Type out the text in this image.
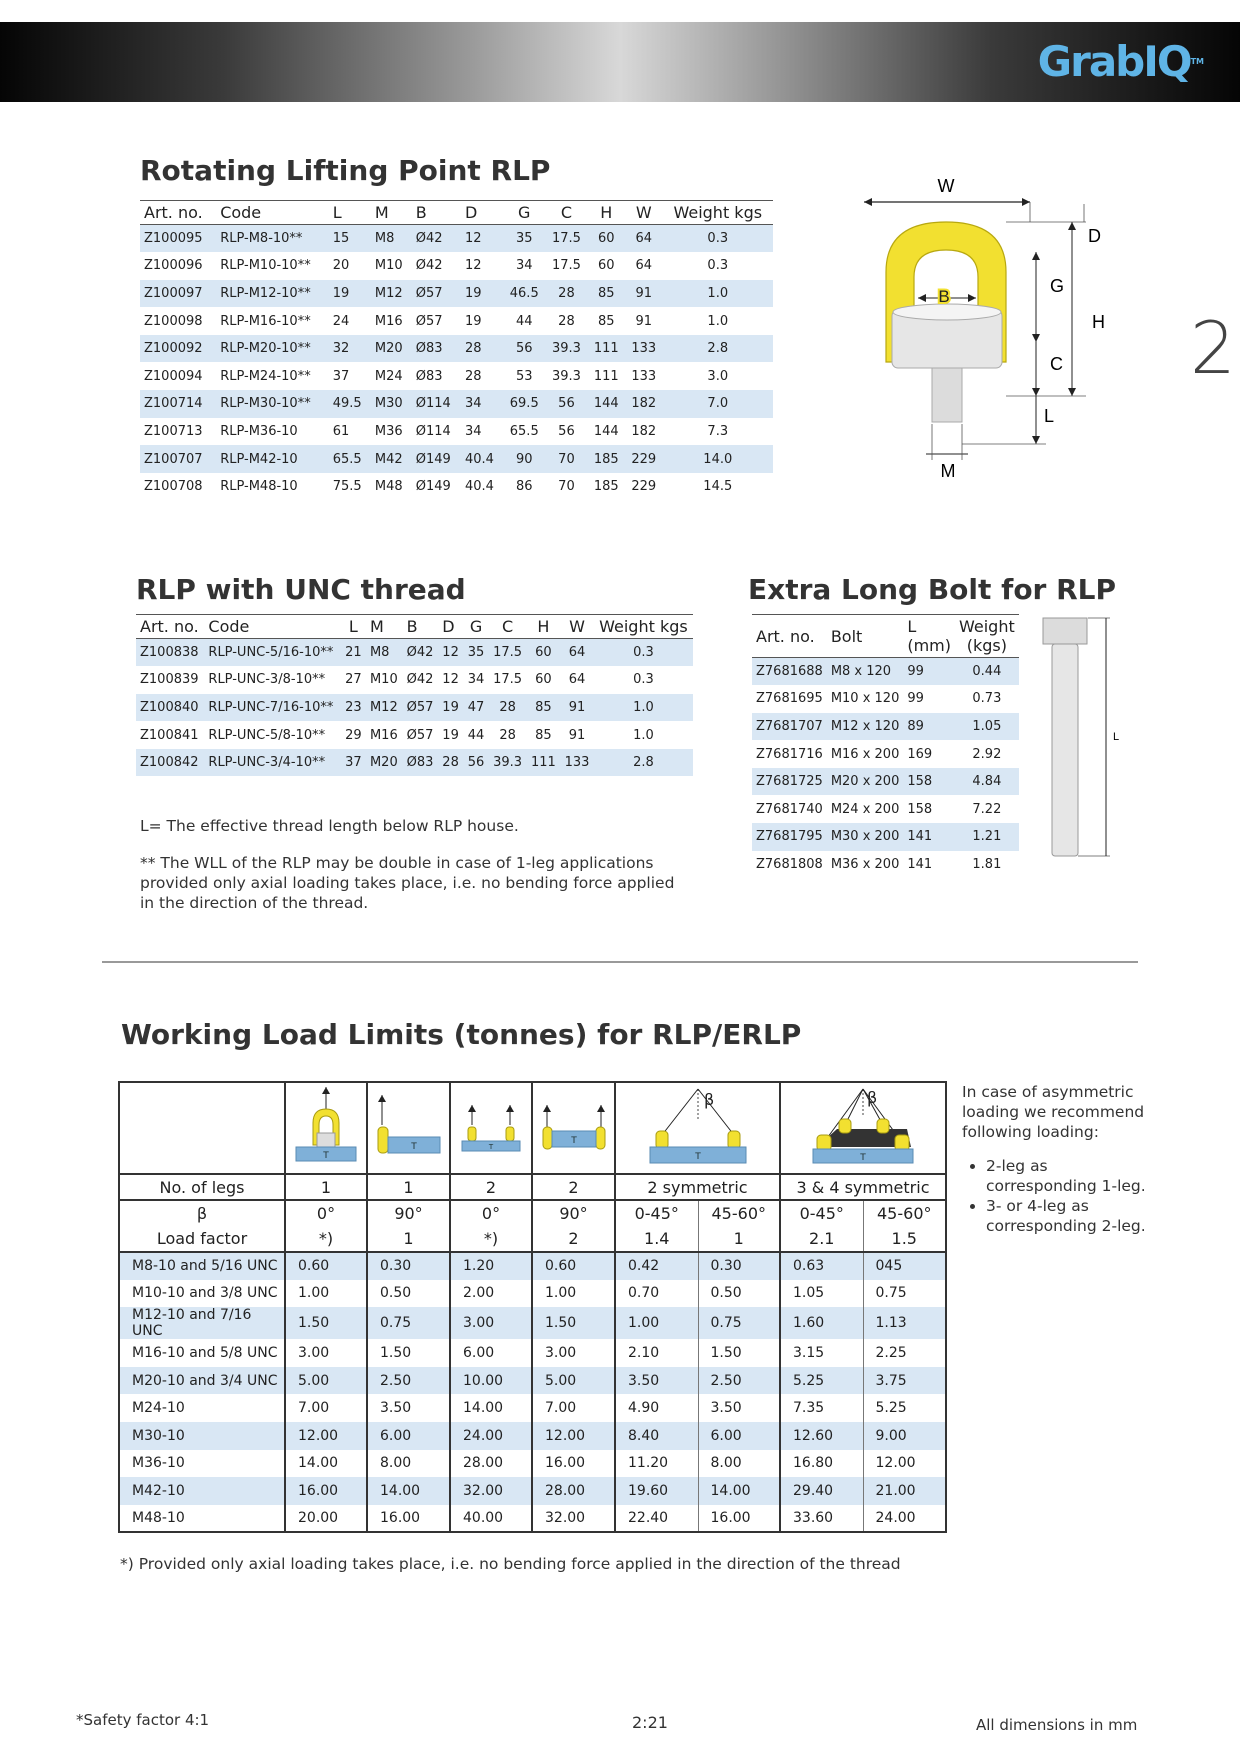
GrabIQTM
2
Rotating Lifting Point RLP
Art. no.	Code	L	M	B	D	G	C	H	W	Weight kgs
Z100095	RLP-M8-10**	15	M8	Ø42	12	35	17.5	60	64	0.3
Z100096	RLP-M10-10**	20	M10	Ø42	12	34	17.5	60	64	0.3
Z100097	RLP-M12-10**	19	M12	Ø57	19	46.5	28	85	91	1.0
Z100098	RLP-M16-10**	24	M16	Ø57	19	44	28	85	91	1.0
Z100092	RLP-M20-10**	32	M20	Ø83	28	56	39.3	111	133	2.8
Z100094	RLP-M24-10**	37	M24	Ø83	28	53	39.3	111	133	3.0
Z100714	RLP-M30-10**	49.5	M30	Ø114	34	69.5	56	144	182	7.0
Z100713	RLP-M36-10	61	M36	Ø114	34	65.5	56	144	182	7.3
Z100707	RLP-M42-10	65.5	M42	Ø149	40.4	90	70	185	229	14.0
Z100708	RLP-M48-10	75.5	M48	Ø149	40.4	86	70	185	229	14.5
W
B
H
D
G
C
L
M
RLP with UNC thread
Art. no.	Code	L	M	B	D	G	C	H	W	Weight kgs
Z100838	RLP-UNC-5/16-10**	21	M8	Ø42	12	35	17.5	60	64	0.3
Z100839	RLP-UNC-3/8-10**	27	M10	Ø42	12	34	17.5	60	64	0.3
Z100840	RLP-UNC-7/16-10**	23	M12	Ø57	19	47	28	85	91	1.0
Z100841	RLP-UNC-5/8-10**	29	M16	Ø57	19	44	28	85	91	1.0
Z100842	RLP-UNC-3/4-10**	37	M20	Ø83	28	56	39.3	111	133	2.8
L= The effective thread length below RLP house.
** The WLL of the RLP may be double in case of 1-leg applications provided only axial loading takes place, i.e. no bending force applied in the direction of the thread.
Extra Long Bolt for RLP
Art. no.	Bolt	L (mm)	Weight (kgs)
Z7681688	M8 x 120	99	0.44
Z7681695	M10 x 120	99	0.73
Z7681707	M12 x 120	89	1.05
Z7681716	M16 x 200	169	2.92
Z7681725	M20 x 200	158	4.84
Z7681740	M24 x 200	158	7.22
Z7681795	M30 x 200	141	1.21
Z7681808	M36 x 200	141	1.81
L
Working Load Limits (tonnes) for RLP/ERLP

T	T	T	T	β
T		β
T	

No. of legs	1	1	2	2	2 symmetric		3 & 4 symmetric	
β	0°	90°	0°	90°	0-45°	45-60°	0-45°	45-60°
Load factor	*)	1	*)	2	1.4	1	2.1	1.5
M8-10 and 5/16 UNC	0.60	0.30	1.20	0.60	0.42	0.30	0.63	045
M10-10 and 3/8 UNC	1.00	0.50	2.00	1.00	0.70	0.50	1.05	0.75
M12-10 and 7/16 UNC	1.50	0.75	3.00	1.50	1.00	0.75	1.60	1.13
M16-10 and 5/8 UNC	3.00	1.50	6.00	3.00	2.10	1.50	3.15	2.25
M20-10 and 3/4 UNC	5.00	2.50	10.00	5.00	3.50	2.50	5.25	3.75
M24-10	7.00	3.50	14.00	7.00	4.90	3.50	7.35	5.25
M30-10	12.00	6.00	24.00	12.00	8.40	6.00	12.60	9.00
M36-10	14.00	8.00	28.00	16.00	11.20	8.00	16.80	12.00
M42-10	16.00	14.00	32.00	28.00	19.60	14.00	29.40	21.00
M48-10	20.00	16.00	40.00	32.00	22.40	16.00	33.60	24.00
In case of asymmetric loading we recommend following loading:
• 2-leg as corresponding 1-leg.
• 3- or 4-leg as corresponding 2-leg.
*) Provided only axial loading takes place, i.e. no bending force applied in the direction of the thread
*Safety factor 4:1	2:21	All dimensions in mm
